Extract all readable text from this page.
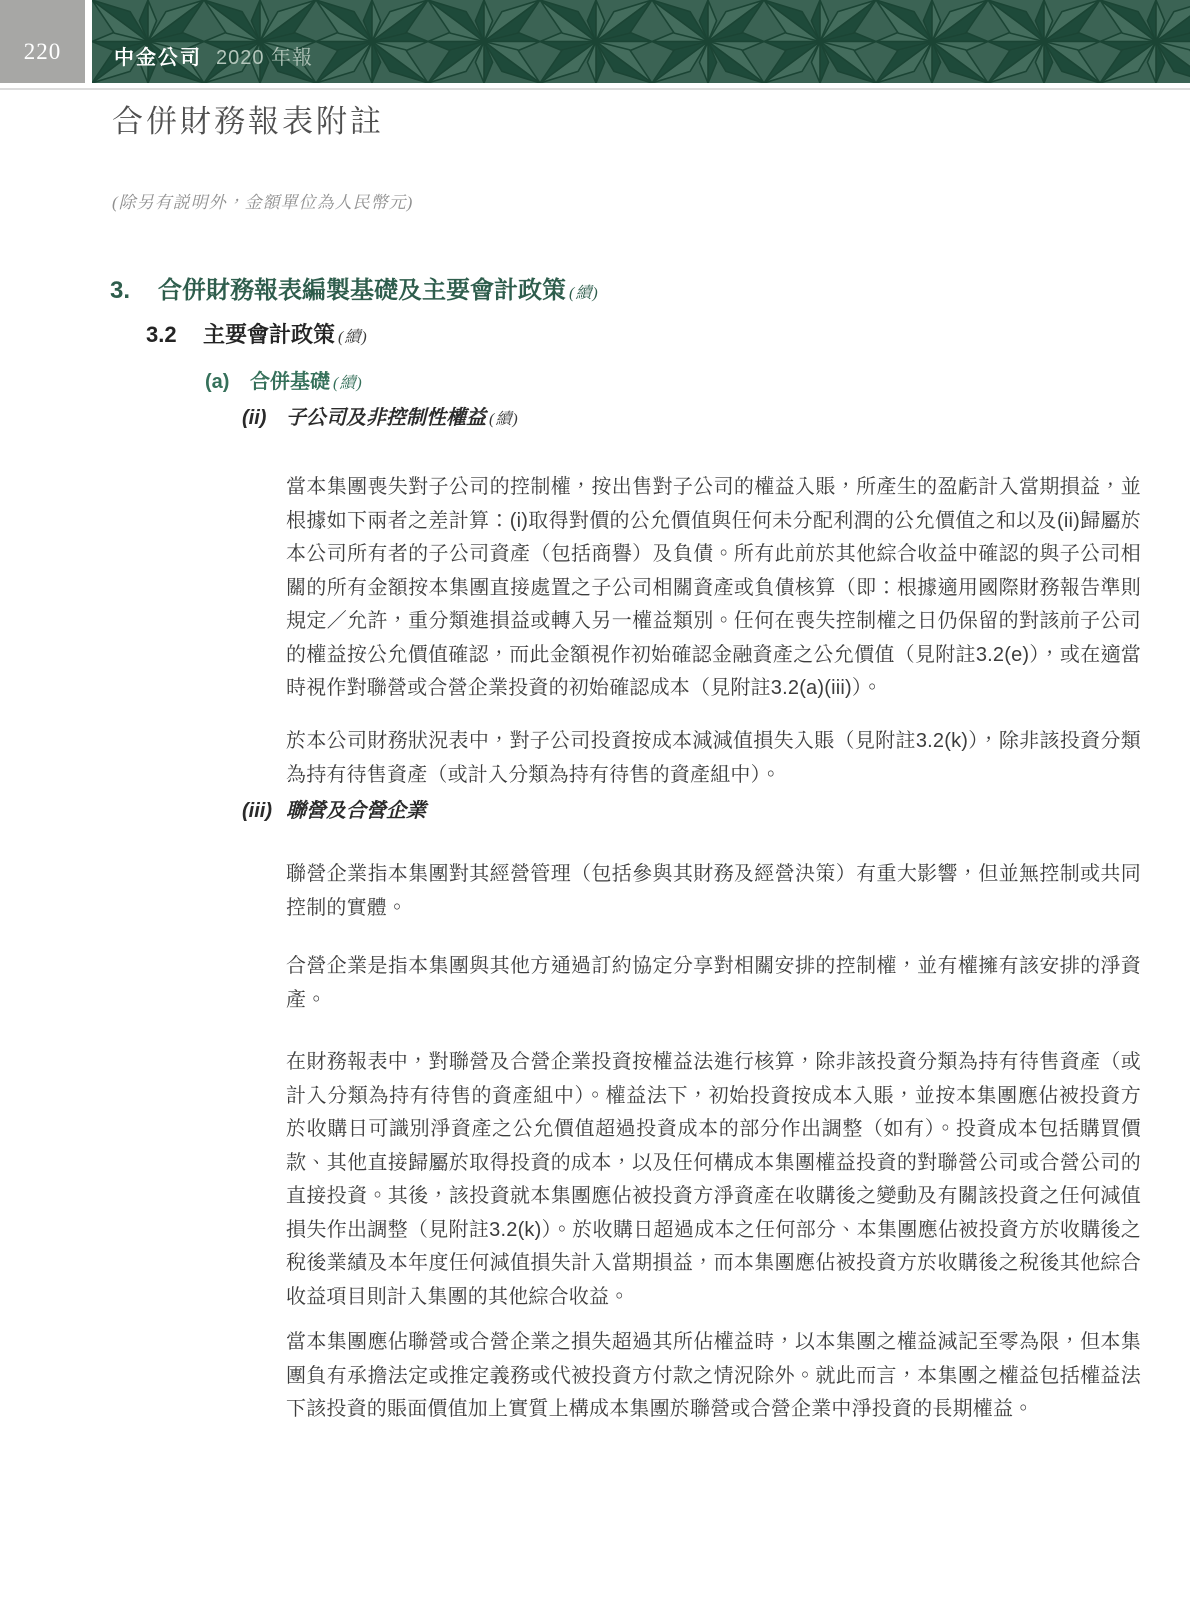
220	中金公司 2020 年報
合併財務報表附註
(除另有説明外，金額單位為人民幣元)
3.	合併財務報表編製基礎及主要會計政策 (續)
3.2	主要會計政策 (續)
(a)	合併基礎 (續)
(ii) 子公司及非控制性權益 (續)

當本集團喪失對子公司的控制權，按出售對子公司的權益入賬，所產生的盈虧計入當期損益，並根據如下兩者之差計算：(i)取得對價的公允價值與任何未分配利潤的公允價值之和以及(ii)歸屬於本公司所有者的子公司資產（包括商譽）及負債。所有此前於其他綜合收益中確認的與子公司相關的所有金額按本集團直接處置之子公司相關資產或負債核算（即：根據適用國際財務報告準則規定／允許，重分類進損益或轉入另一權益類別。任何在喪失控制權之日仍保留的對該前子公司的權益按公允價值確認，而此金額視作初始確認金融資產之公允價值（見附註3.2(e)），或在適當時視作對聯營或合營企業投資的初始確認成本（見附註3.2(a)(iii)）。

於本公司財務狀況表中，對子公司投資按成本減減值損失入賬（見附註3.2(k)），除非該投資分類為持有待售資產（或計入分類為持有待售的資產組中）。

(iii) 聯營及合營企業

聯營企業指本集團對其經營管理（包括參與其財務及經營決策）有重大影響，但並無控制或共同控制的實體。

合營企業是指本集團與其他方通過訂約協定分享對相關安排的控制權，並有權擁有該安排的淨資產。

在財務報表中，對聯營及合營企業投資按權益法進行核算，除非該投資分類為持有待售資產（或計入分類為持有待售的資產組中）。權益法下，初始投資按成本入賬，並按本集團應佔被投資方於收購日可識別淨資產之公允價值超過投資成本的部分作出調整（如有）。投資成本包括購買價款、其他直接歸屬於取得投資的成本，以及任何構成本集團權益投資的對聯營公司或合營公司的直接投資。其後，該投資就本集團應佔被投資方淨資產在收購後之變動及有關該投資之任何減值損失作出調整（見附註3.2(k)）。於收購日超過成本之任何部分、本集團應佔被投資方於收購後之稅後業績及本年度任何減值損失計入當期損益，而本集團應佔被投資方於收購後之稅後其他綜合收益項目則計入集團的其他綜合收益。

當本集團應佔聯營或合營企業之損失超過其所佔權益時，以本集團之權益減記至零為限，但本集團負有承擔法定或推定義務或代被投資方付款之情況除外。就此而言，本集團之權益包括權益法下該投資的賬面價值加上實質上構成本集團於聯營或合營企業中淨投資的長期權益。
